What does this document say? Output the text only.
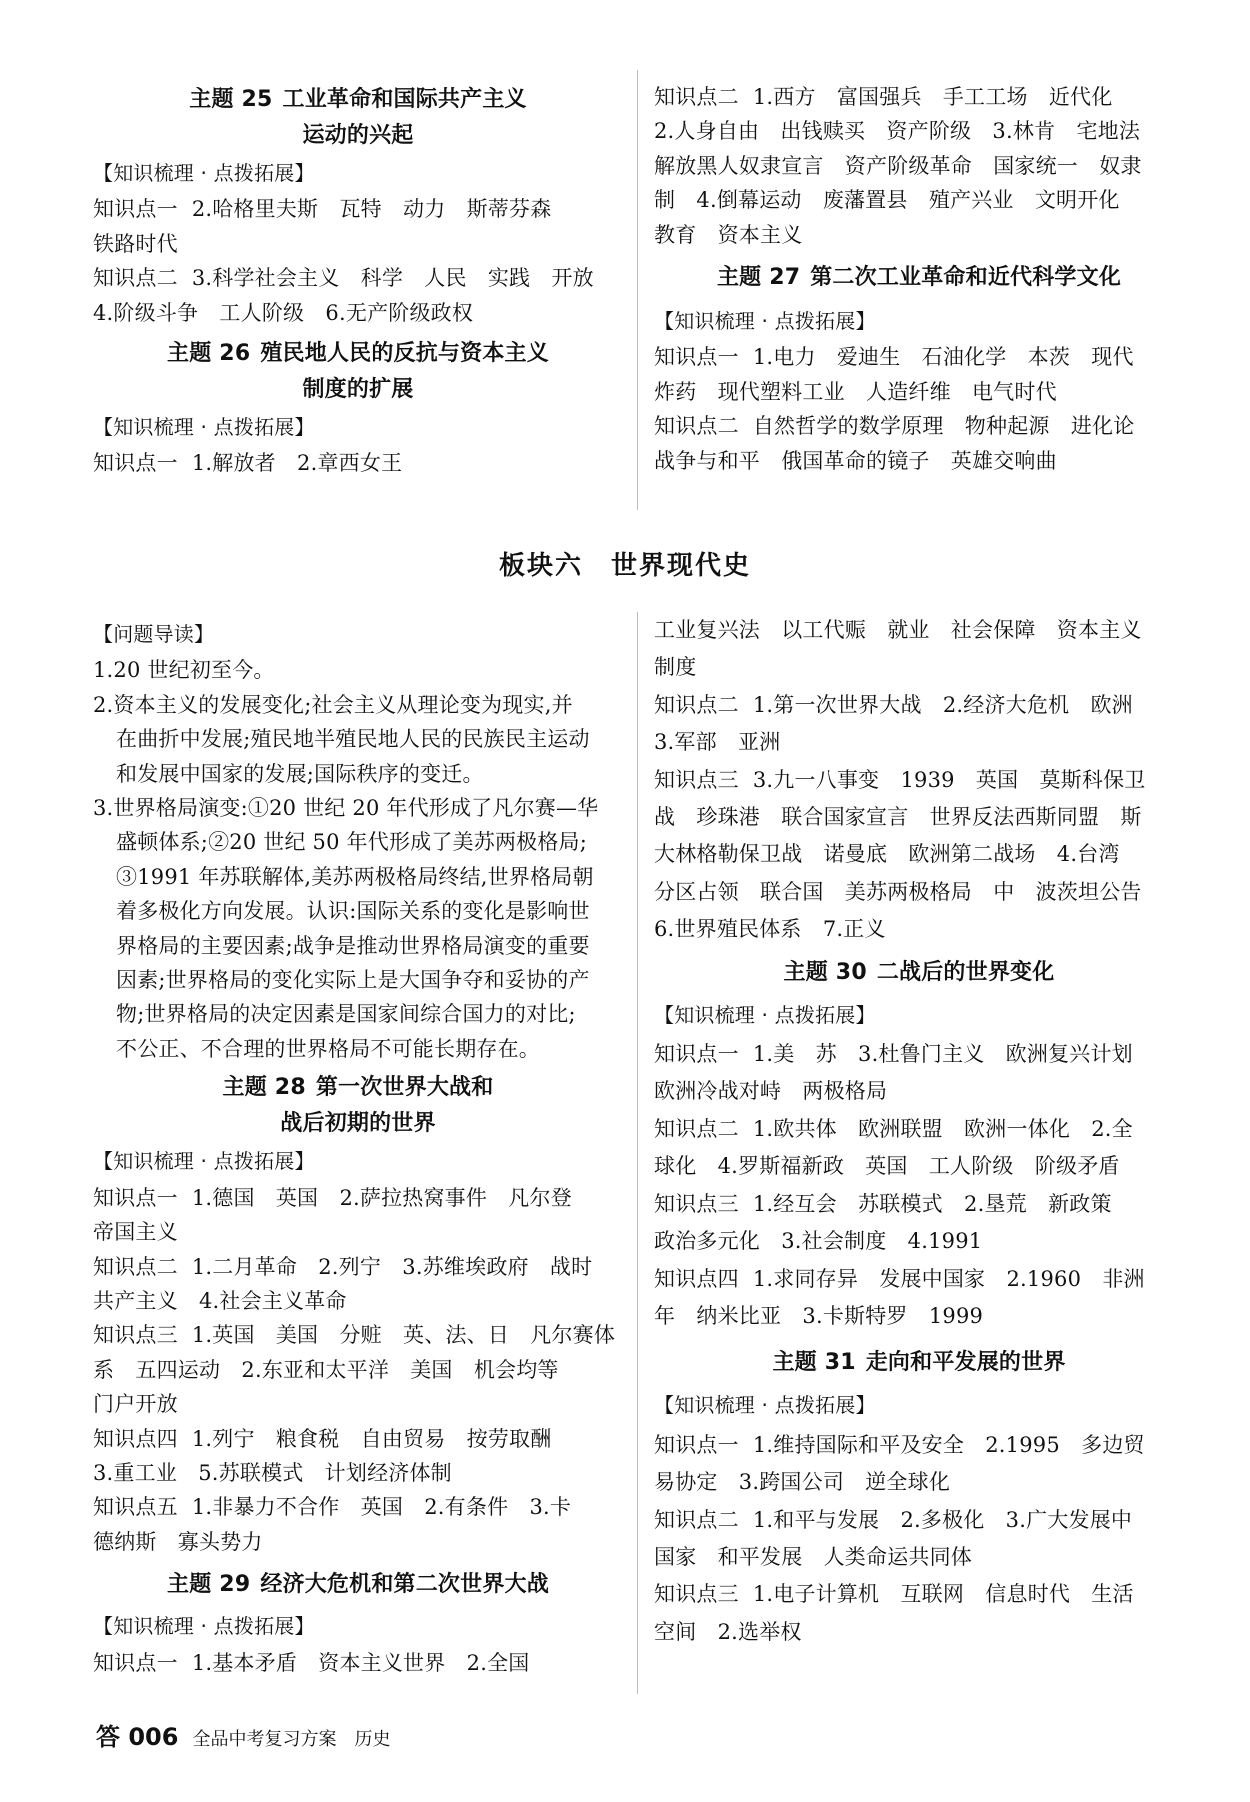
主题 25 工业革命和国际共产主义
运动的兴起
【知识梳理 · 点拨拓展】

知识点一 2.哈格里夫斯　瓦特　动力　斯蒂芬森

铁路时代

知识点二 3.科学社会主义　科学　人民　实践　开放

4.阶级斗争　工人阶级　6.无产阶级政权

主题 26 殖民地人民的反抗与资本主义
制度的扩展
【知识梳理 · 点拨拓展】

知识点一 1.解放者　2.章西女王

知识点二 1.西方　富国强兵　手工工场　近代化

2.人身自由　出钱赎买　资产阶级　3.林肯　宅地法

解放黑人奴隶宣言　资产阶级革命　国家统一　奴隶

制　4.倒幕运动　废藩置县　殖产兴业　文明开化

教育　资本主义

主题 27 第二次工业革命和近代科学文化
【知识梳理 · 点拨拓展】

知识点一 1.电力　爱迪生　石油化学　本茨　现代

炸药　现代塑料工业　人造纤维　电气时代

知识点二 自然哲学的数学原理　物种起源　进化论

战争与和平　俄国革命的镜子　英雄交响曲

板块六　世界现代史
【问题导读】

1.20 世纪初至今。

2.资本主义的发展变化;社会主义从理论变为现实,并

在曲折中发展;殖民地半殖民地人民的民族民主运动

和发展中国家的发展;国际秩序的变迁。

3.世界格局演变:①20 世纪 20 年代形成了凡尔赛—华

盛顿体系;②20 世纪 50 年代形成了美苏两极格局;

③1991 年苏联解体,美苏两极格局终结,世界格局朝

着多极化方向发展。认识:国际关系的变化是影响世

界格局的主要因素;战争是推动世界格局演变的重要

因素;世界格局的变化实际上是大国争夺和妥协的产

物;世界格局的决定因素是国家间综合国力的对比;

不公正、不合理的世界格局不可能长期存在。

主题 28 第一次世界大战和
战后初期的世界
【知识梳理 · 点拨拓展】

知识点一 1.德国　英国　2.萨拉热窝事件　凡尔登

帝国主义

知识点二 1.二月革命　2.列宁　3.苏维埃政府　战时

共产主义　4.社会主义革命

知识点三 1.英国　美国　分赃　英、法、日　凡尔赛体

系　五四运动　2.东亚和太平洋　美国　机会均等

门户开放

知识点四 1.列宁　粮食税　自由贸易　按劳取酬

3.重工业　5.苏联模式　计划经济体制

知识点五 1.非暴力不合作　英国　2.有条件　3.卡

德纳斯　寡头势力

主题 29 经济大危机和第二次世界大战
【知识梳理 · 点拨拓展】

知识点一 1.基本矛盾　资本主义世界　2.全国

工业复兴法　以工代赈　就业　社会保障　资本主义

制度

知识点二 1.第一次世界大战　2.经济大危机　欧洲

3.军部　亚洲

知识点三 3.九一八事变　1939　英国　莫斯科保卫

战　珍珠港　联合国家宣言　世界反法西斯同盟　斯

大林格勒保卫战　诺曼底　欧洲第二战场　4.台湾

分区占领　联合国　美苏两极格局　中　波茨坦公告

6.世界殖民体系　7.正义

主题 30 二战后的世界变化
【知识梳理 · 点拨拓展】

知识点一 1.美　苏　3.杜鲁门主义　欧洲复兴计划

欧洲冷战对峙　两极格局

知识点二 1.欧共体　欧洲联盟　欧洲一体化　2.全

球化　4.罗斯福新政　英国　工人阶级　阶级矛盾

知识点三 1.经互会　苏联模式　2.垦荒　新政策

政治多元化　3.社会制度　4.1991

知识点四 1.求同存异　发展中国家　2.1960　非洲

年　纳米比亚　3.卡斯特罗　1999

主题 31 走向和平发展的世界
【知识梳理 · 点拨拓展】

知识点一 1.维持国际和平及安全　2.1995　多边贸

易协定　3.跨国公司　逆全球化

知识点二 1.和平与发展　2.多极化　3.广大发展中

国家　和平发展　人类命运共同体

知识点三 1.电子计算机　互联网　信息时代　生活

空间　2.选举权

答 006 全品中考复习方案　历史
